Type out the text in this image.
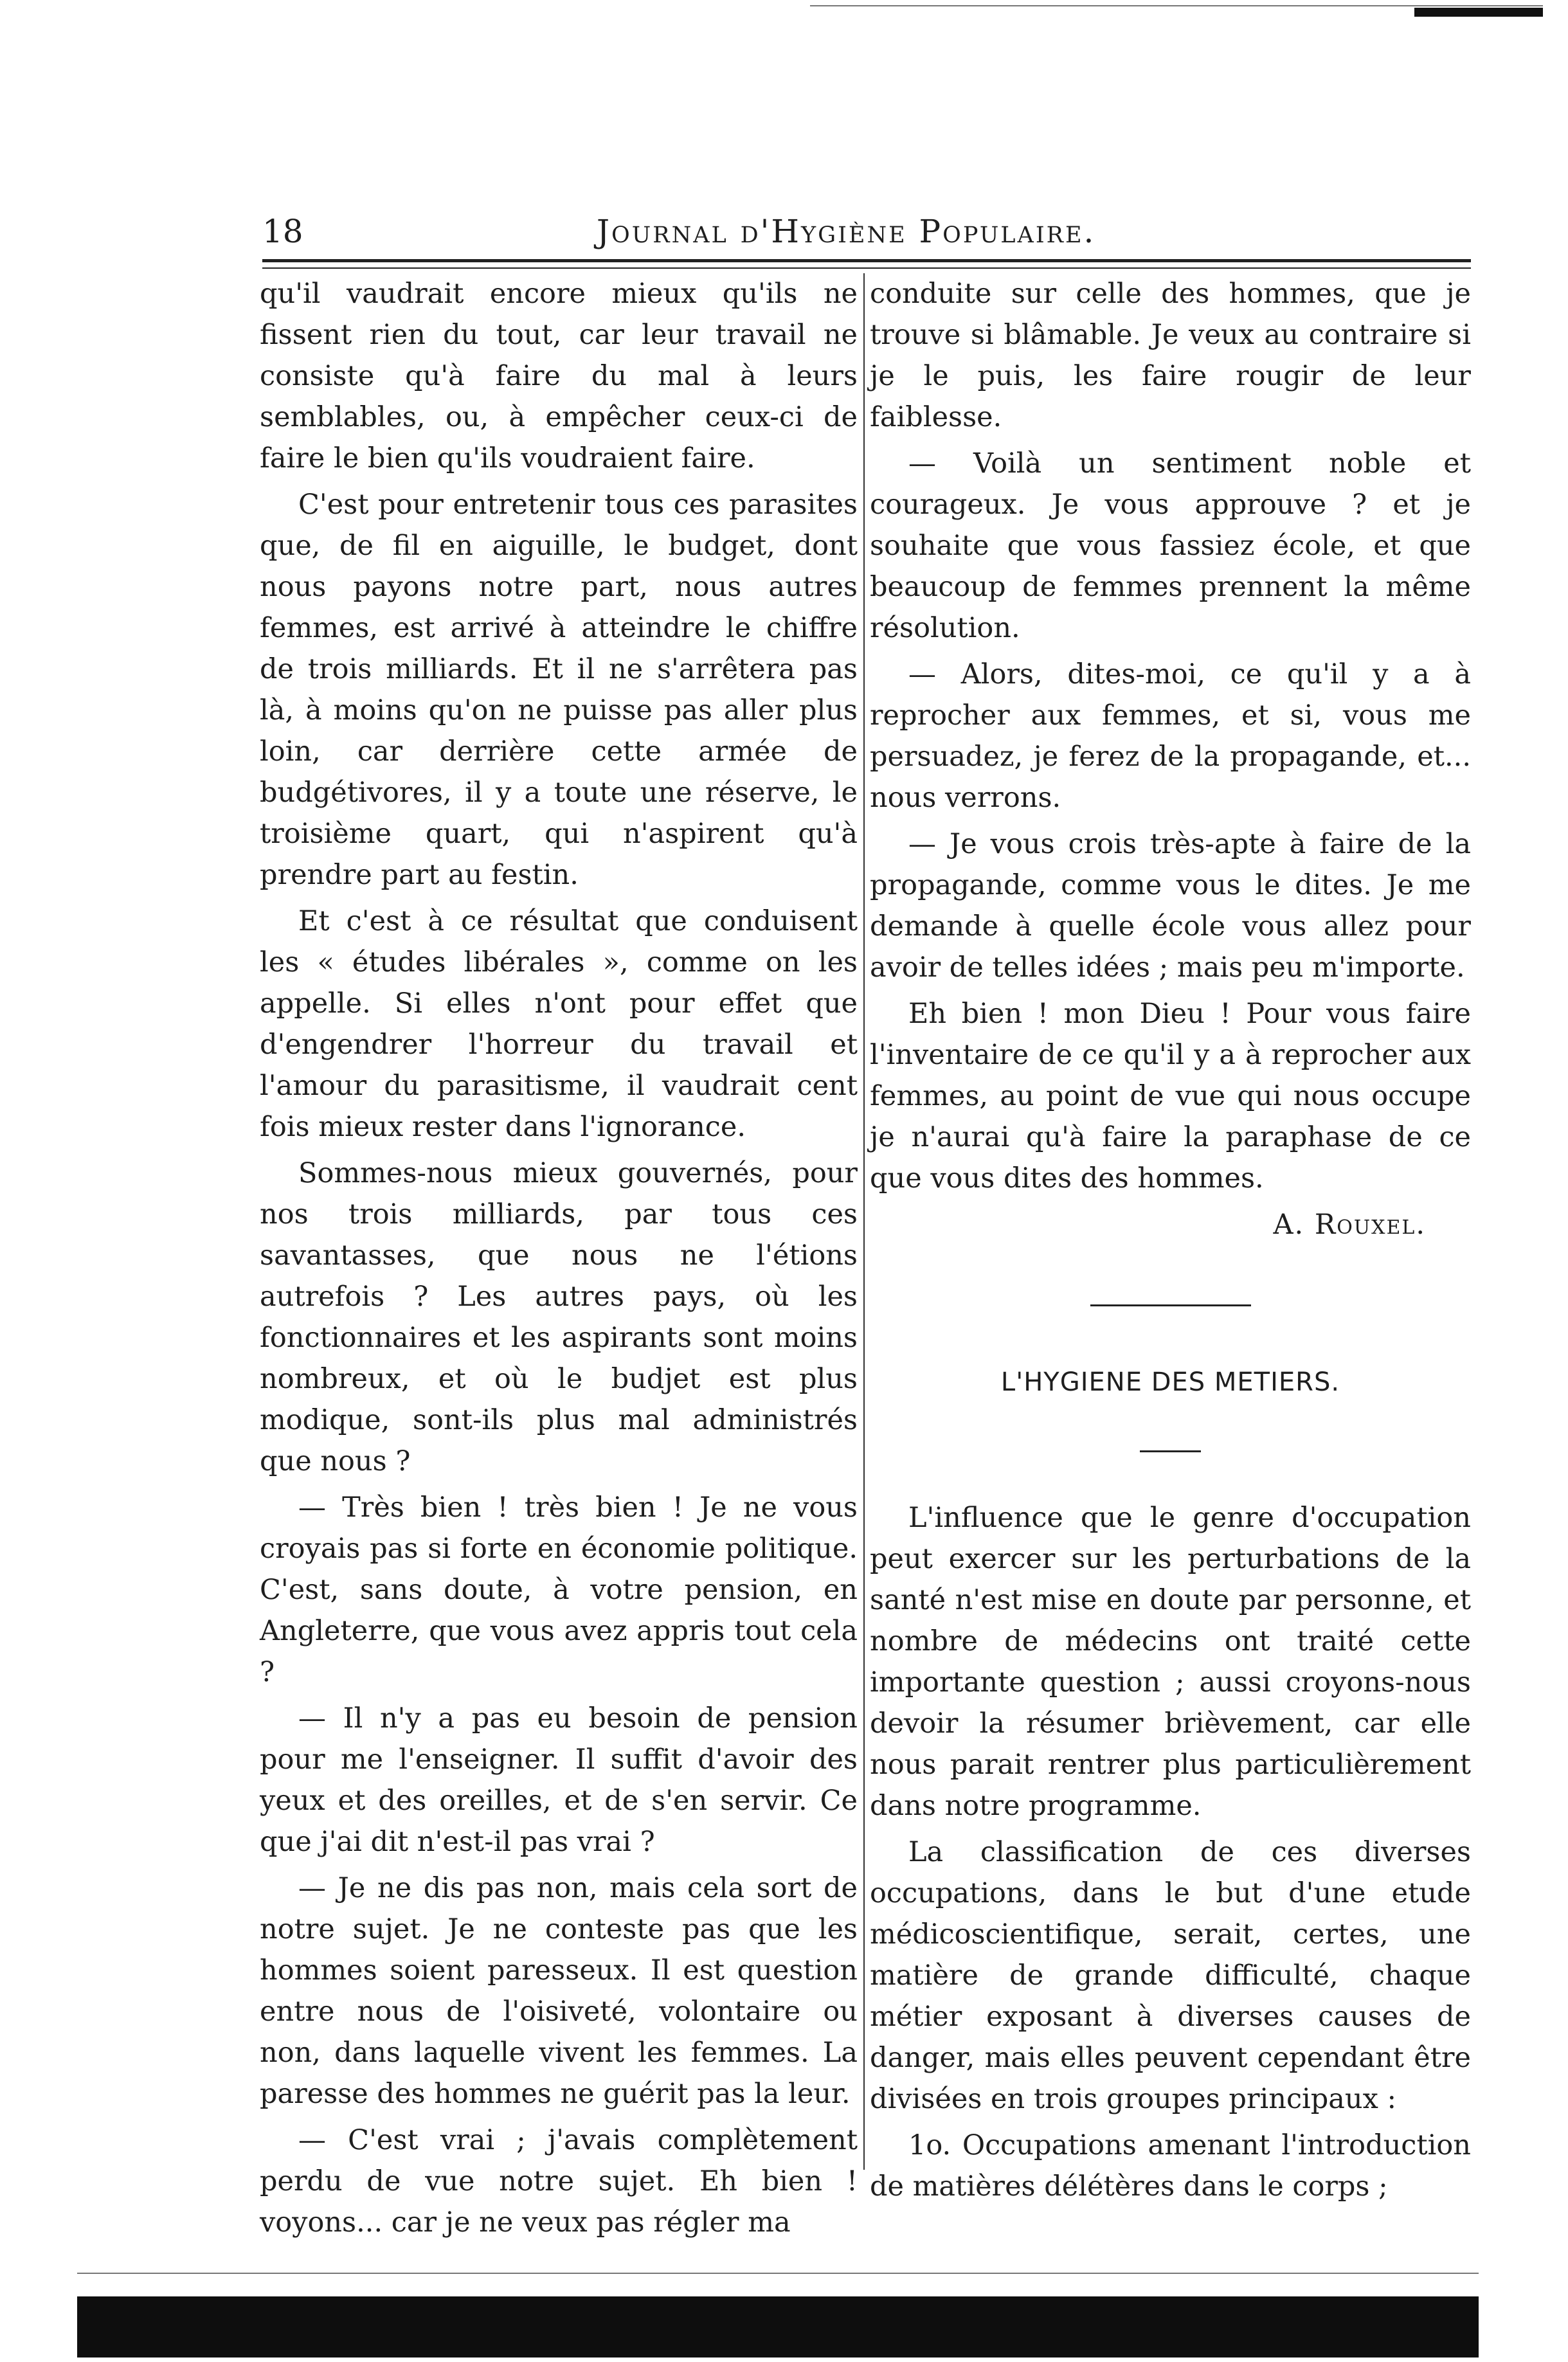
18	Journal d'Hygiène Populaire.

qu'il vaudrait encore mieux qu'ils ne fissent rien du tout, car leur travail ne consiste qu'à faire du mal à leurs semblables, ou, à empêcher ceux-ci de faire le bien qu'ils voudraient faire.

C'est pour entretenir tous ces parasites que, de fil en aiguille, le budget, dont nous payons notre part, nous autres femmes, est arrivé à atteindre le chiffre de trois milliards. Et il ne s'arrêtera pas là, à moins qu'on ne puisse pas aller plus loin, car derrière cette armée de budgétivores, il y a toute une réserve, le troisième quart, qui n'aspirent qu'à prendre part au festin.

Et c'est à ce résultat que conduisent les « études libérales », comme on les appelle. Si elles n'ont pour effet que d'engendrer l'horreur du travail et l'amour du parasitisme, il vaudrait cent fois mieux rester dans l'ignorance.

Sommes-nous mieux gouvernés, pour nos trois milliards, par tous ces savantasses, que nous ne l'étions autrefois ? Les autres pays, où les fonctionnaires et les aspirants sont moins nombreux, et où le budjet est plus modique, sont-ils plus mal administrés que nous ?

— Très bien ! très bien ! Je ne vous croyais pas si forte en économie politique. C'est, sans doute, à votre pension, en Angleterre, que vous avez appris tout cela ?

— Il n'y a pas eu besoin de pension pour me l'enseigner. Il suffit d'avoir des yeux et des oreilles, et de s'en servir. Ce que j'ai dit n'est-il pas vrai ?

— Je ne dis pas non, mais cela sort de notre sujet. Je ne conteste pas que les hommes soient paresseux. Il est question entre nous de l'oisiveté, volontaire ou non, dans laquelle vivent les femmes. La paresse des hommes ne guérit pas la leur.

— C'est vrai ; j'avais complètement perdu de vue notre sujet. Eh bien ! voyons... car je ne veux pas régler ma

conduite sur celle des hommes, que je trouve si blâmable. Je veux au contraire si je le puis, les faire rougir de leur faiblesse.

— Voilà un sentiment noble et courageux. Je vous approuve ? et je souhaite que vous fassiez école, et que beaucoup de femmes prennent la même résolution.

— Alors, dites-moi, ce qu'il y a à reprocher aux femmes, et si, vous me persuadez, je ferez de la propagande, et... nous verrons.

— Je vous crois très-apte à faire de la propagande, comme vous le dites. Je me demande à quelle école vous allez pour avoir de telles idées ; mais peu m'importe.

Eh bien ! mon Dieu ! Pour vous faire l'inventaire de ce qu'il y a à reprocher aux femmes, au point de vue qui nous occupe je n'aurai qu'à faire la paraphase de ce que vous dites des hommes.

A. Rouxel.

L'HYGIENE DES METIERS.

L'influence que le genre d'occupation peut exercer sur les perturbations de la santé n'est mise en doute par personne, et nombre de médecins ont traité cette importante question ; aussi croyons-nous devoir la résumer brièvement, car elle nous parait rentrer plus particulièrement dans notre programme.

La classification de ces diverses occupations, dans le but d'une etude médicoscientifique, serait, certes, une matière de grande difficulté, chaque métier exposant à diverses causes de danger, mais elles peuvent cependant être divisées en trois groupes principaux :

1o. Occupations amenant l'introduction de matières délétères dans le corps ;
